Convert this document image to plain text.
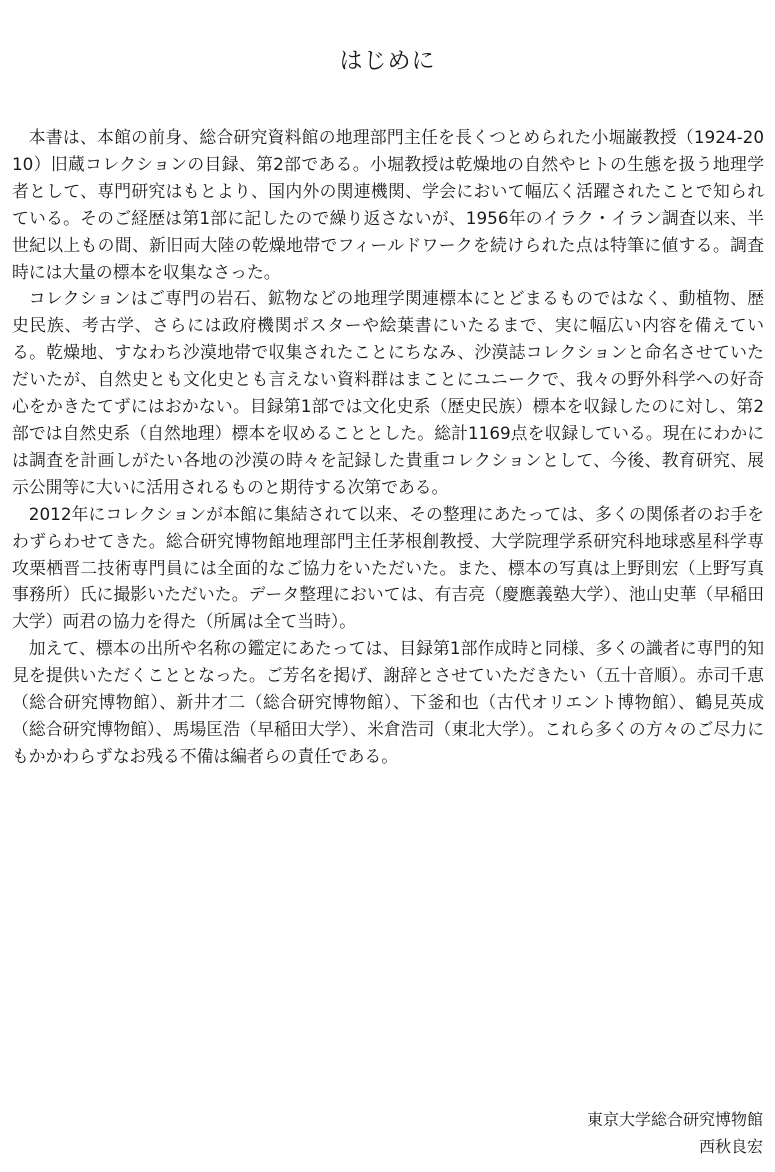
はじめに

本書は、本館の前身、総合研究資料館の地理部門主任を長くつとめられた小堀巌教授（1924-2010）旧蔵コレクションの目録、第2部である。小堀教授は乾燥地の自然やヒトの生態を扱う地理学者として、専門研究はもとより、国内外の関連機関、学会において幅広く活躍されたことで知られている。そのご経歴は第1部に記したので繰り返さないが、1956年のイラク・イラン調査以来、半世紀以上もの間、新旧両大陸の乾燥地帯でフィールドワークを続けられた点は特筆に値する。調査時には大量の標本を収集なさった。

コレクションはご専門の岩石、鉱物などの地理学関連標本にとどまるものではなく、動植物、歴史民族、考古学、さらには政府機関ポスターや絵葉書にいたるまで、実に幅広い内容を備えている。乾燥地、すなわち沙漠地帯で収集されたことにちなみ、沙漠誌コレクションと命名させていただいたが、自然史とも文化史とも言えない資料群はまことにユニークで、我々の野外科学への好奇心をかきたてずにはおかない。目録第1部では文化史系（歴史民族）標本を収録したのに対し、第2部では自然史系（自然地理）標本を収めることとした。総計1169点を収録している。現在にわかには調査を計画しがたい各地の沙漠の時々を記録した貴重コレクションとして、今後、教育研究、展示公開等に大いに活用されるものと期待する次第である。

2012年にコレクションが本館に集結されて以来、その整理にあたっては、多くの関係者のお手をわずらわせてきた。総合研究博物館地理部門主任茅根創教授、大学院理学系研究科地球惑星科学専攻栗栖晋二技術専門員には全面的なご協力をいただいた。また、標本の写真は上野則宏（上野写真事務所）氏に撮影いただいた。データ整理においては、有吉亮（慶應義塾大学）、池山史華（早稲田大学）両君の協力を得た（所属は全て当時）。

加えて、標本の出所や名称の鑑定にあたっては、目録第1部作成時と同様、多くの識者に専門的知見を提供いただくこととなった。ご芳名を掲げ、謝辞とさせていただきたい（五十音順）。赤司千恵（総合研究博物館）、新井才二（総合研究博物館）、下釜和也（古代オリエント博物館）、鶴見英成（総合研究博物館）、馬場匡浩（早稲田大学）、米倉浩司（東北大学）。これら多くの方々のご尽力にもかかわらずなお残る不備は編者らの責任である。

東京大学総合研究博物館
西秋良宏
